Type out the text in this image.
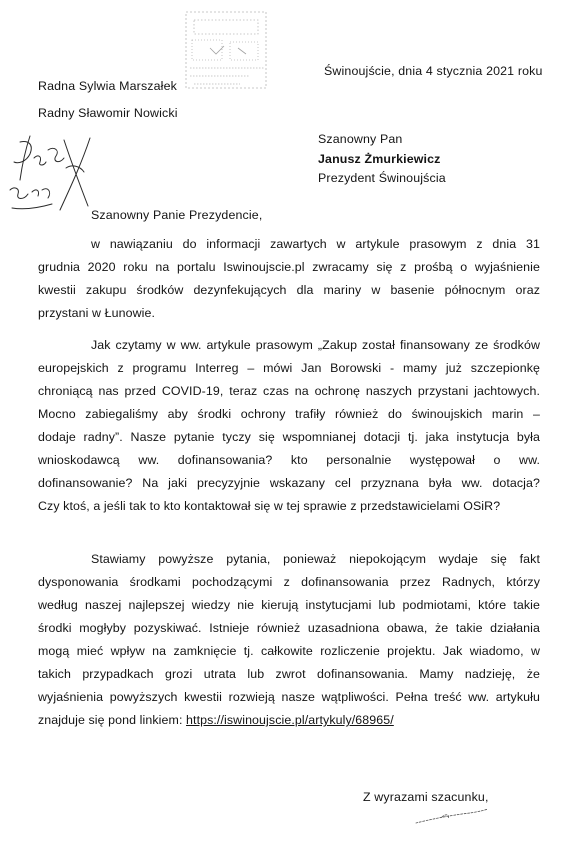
Świnoujście, dnia 4 stycznia 2021 roku
Radna Sylwia Marszałek
Radny Sławomir Nowicki
Szanowny Pan
Janusz Żmurkiewicz
Prezydent Świnoujścia
Szanowny Panie Prezydencie,
w nawiązaniu do informacji zawartych w artykule prasowym z dnia 31
grudnia 2020 roku na portalu Iswinoujscie.pl zwracamy się z prośbą o wyjaśnienie
kwestii zakupu środków dezynfekujących dla mariny w basenie północnym oraz
przystani w Łunowie.
Jak czytamy w ww. artykule prasowym „Zakup został finansowany ze środków
europejskich z programu Interreg – mówi Jan Borowski - mamy już szczepionkę
chroniącą nas przed COVID-19, teraz czas na ochronę naszych przystani jachtowych.
Mocno zabiegaliśmy aby środki ochrony trafiły również do świnoujskich marin –
dodaje radny”. Nasze pytanie tyczy się wspomnianej dotacji tj. jaka instytucja była
wnioskodawcą ww. dofinansowania? kto personalnie występował o ww.
dofinansowanie? Na jaki precyzyjnie wskazany cel przyznana była ww. dotacja?
Czy ktoś, a jeśli tak to kto kontaktował się w tej sprawie z przedstawicielami OSiR?
Stawiamy powyższe pytania, ponieważ niepokojącym wydaje się fakt
dysponowania środkami pochodzącymi z dofinansowania przez Radnych, którzy
według naszej najlepszej wiedzy nie kierują instytucjami lub podmiotami, które takie
środki mogłyby pozyskiwać. Istnieje również uzasadniona obawa, że takie działania
mogą mieć wpływ na zamknięcie tj. całkowite rozliczenie projektu. Jak wiadomo, w
takich przypadkach grozi utrata lub zwrot dofinansowania. Mamy nadzieję, że
wyjaśnienia powyższych kwestii rozwieją nasze wątpliwości. Pełna treść ww. artykułu
znajduje się pond linkiem: https://iswinoujscie.pl/artykuly/68965/
Z wyrazami szacunku,
